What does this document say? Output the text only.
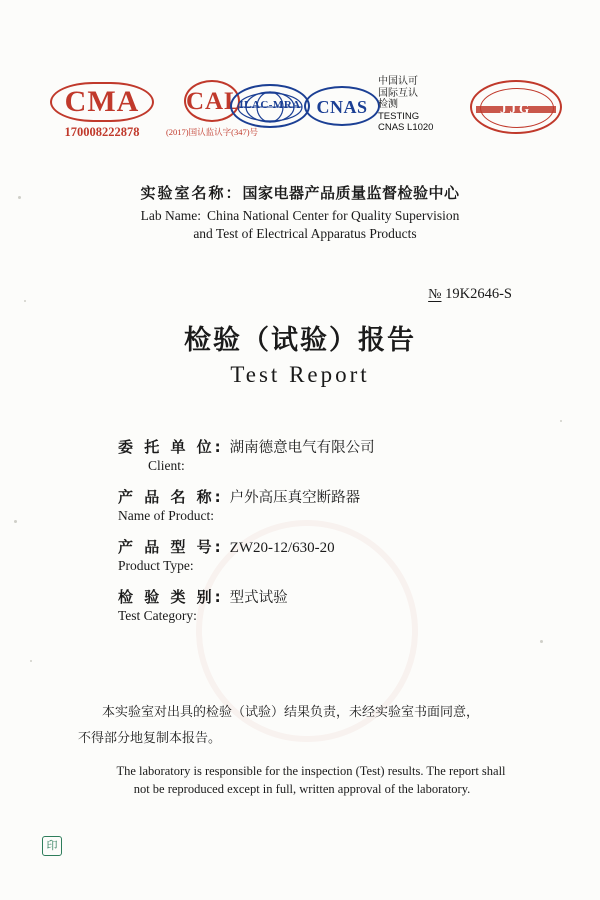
CMA
170008222878
CAL
(2017)国认监认字(347)号
ILAC-MRA CNAS
中国认可
国际互认
检测
TESTING
CNAS L1020
JJG
实验室名称：国家电器产品质量监督检验中心
Lab Name: China National Center for Quality Supervision
and Test of Electrical Apparatus Products
№ 19K2646-S
检验（试验）报告
Test Report
委 托 单 位: 湖南德意电气有限公司
Client:
产 品 名 称: 户外高压真空断路器
Name of Product:
产 品 型 号: ZW20-12/630-20
Product Type:
检 验 类 别: 型式试验
Test Category:
本实验室对出具的检验（试验）结果负责，未经实验室书面同意，
不得部分地复制本报告。
The laboratory is responsible for the inspection (Test) results. The report shall
not be reproduced except in full, written approval of the laboratory.
印
